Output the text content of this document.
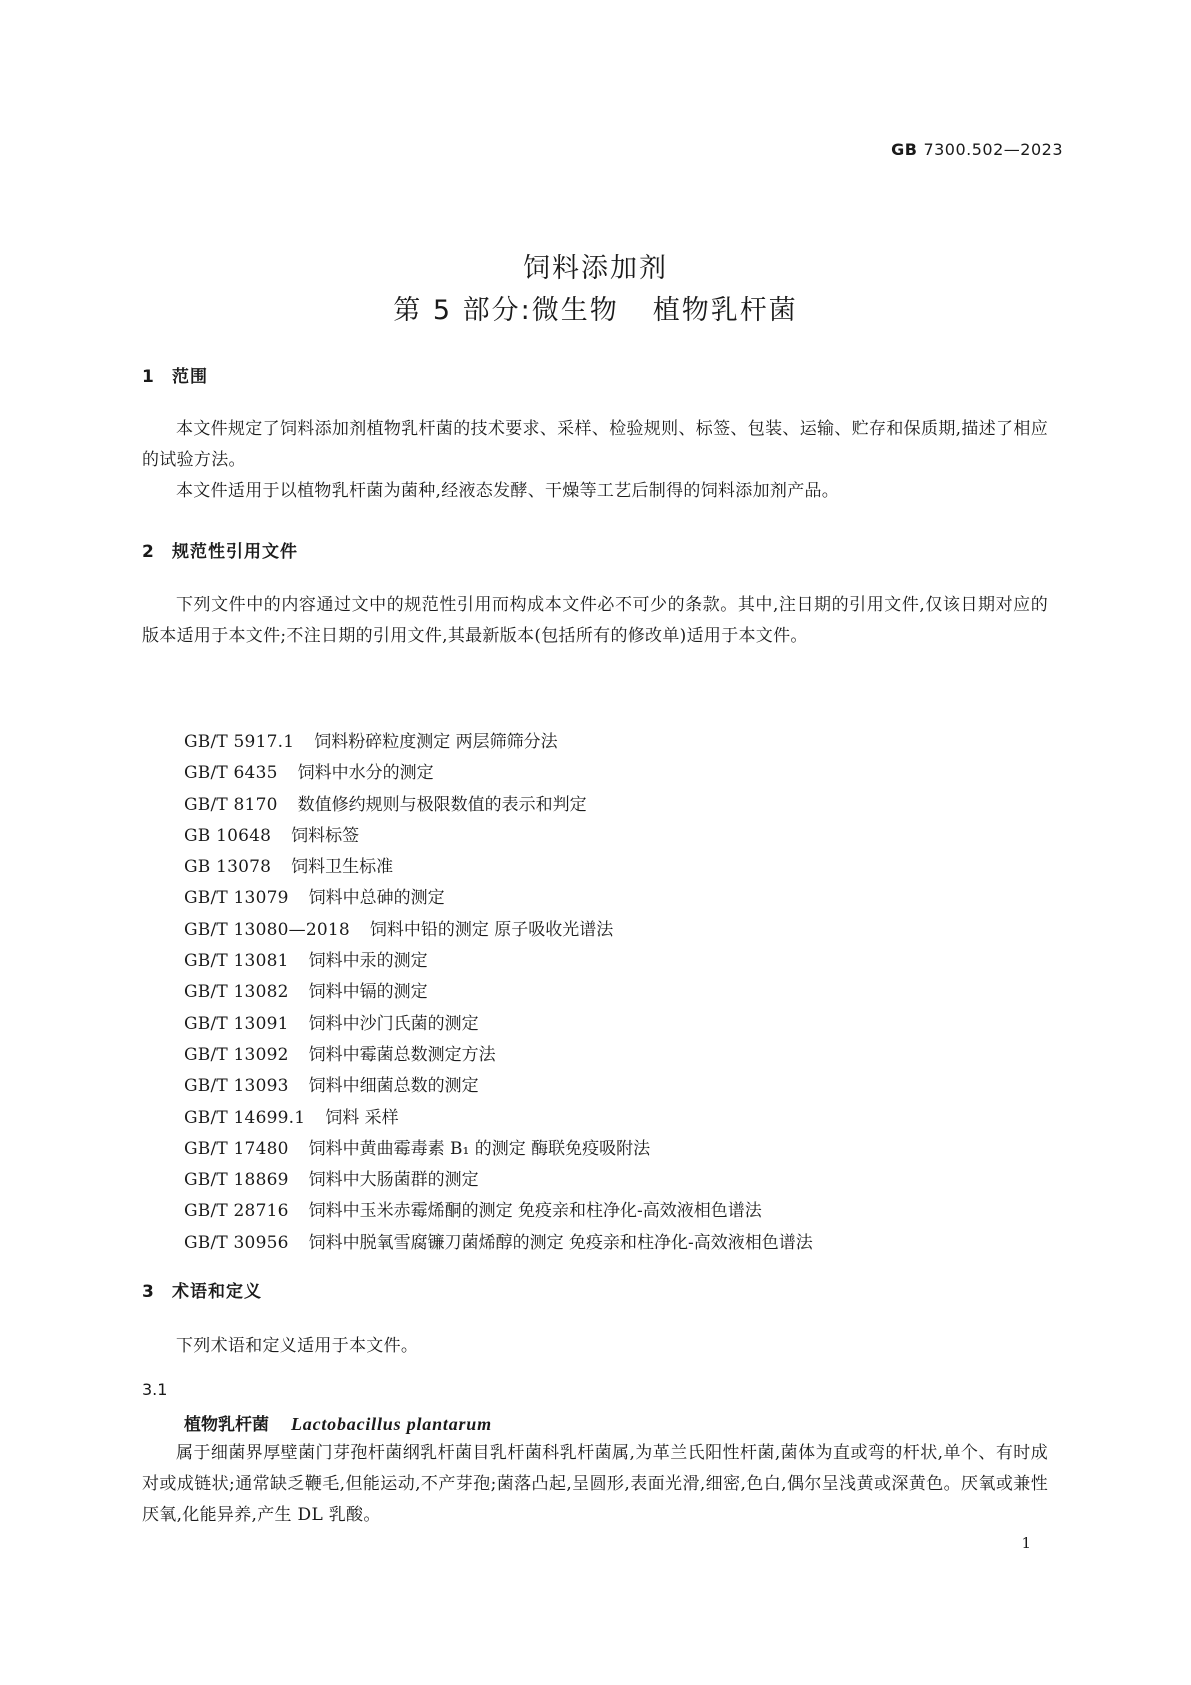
GB 7300.502—2023
饲料添加剂
第 5 部分:微生物 植物乳杆菌
1 范围
本文件规定了饲料添加剂植物乳杆菌的技术要求、采样、检验规则、标签、包装、运输、贮存和保质期,描述了相应的试验方法。
本文件适用于以植物乳杆菌为菌种,经液态发酵、干燥等工艺后制得的饲料添加剂产品。
2 规范性引用文件
下列文件中的内容通过文中的规范性引用而构成本文件必不可少的条款。其中,注日期的引用文件,仅该日期对应的版本适用于本文件;不注日期的引用文件,其最新版本(包括所有的修改单)适用于本文件。
GB/T 5917.1 饲料粉碎粒度测定 两层筛筛分法
GB/T 6435 饲料中水分的测定
GB/T 8170 数值修约规则与极限数值的表示和判定
GB 10648 饲料标签
GB 13078 饲料卫生标准
GB/T 13079 饲料中总砷的测定
GB/T 13080—2018 饲料中铅的测定 原子吸收光谱法
GB/T 13081 饲料中汞的测定
GB/T 13082 饲料中镉的测定
GB/T 13091 饲料中沙门氏菌的测定
GB/T 13092 饲料中霉菌总数测定方法
GB/T 13093 饲料中细菌总数的测定
GB/T 14699.1 饲料 采样
GB/T 17480 饲料中黄曲霉毒素 B₁ 的测定 酶联免疫吸附法
GB/T 18869 饲料中大肠菌群的测定
GB/T 28716 饲料中玉米赤霉烯酮的测定 免疫亲和柱净化-高效液相色谱法
GB/T 30956 饲料中脱氧雪腐镰刀菌烯醇的测定 免疫亲和柱净化-高效液相色谱法
3 术语和定义
下列术语和定义适用于本文件。
3.1
植物乳杆菌 Lactobacillus plantarum
属于细菌界厚壁菌门芽孢杆菌纲乳杆菌目乳杆菌科乳杆菌属,为革兰氏阳性杆菌,菌体为直或弯的杆状,单个、有时成对或成链状;通常缺乏鞭毛,但能运动,不产芽孢;菌落凸起,呈圆形,表面光滑,细密,色白,偶尔呈浅黄或深黄色。厌氧或兼性厌氧,化能异养,产生 DL 乳酸。
1
